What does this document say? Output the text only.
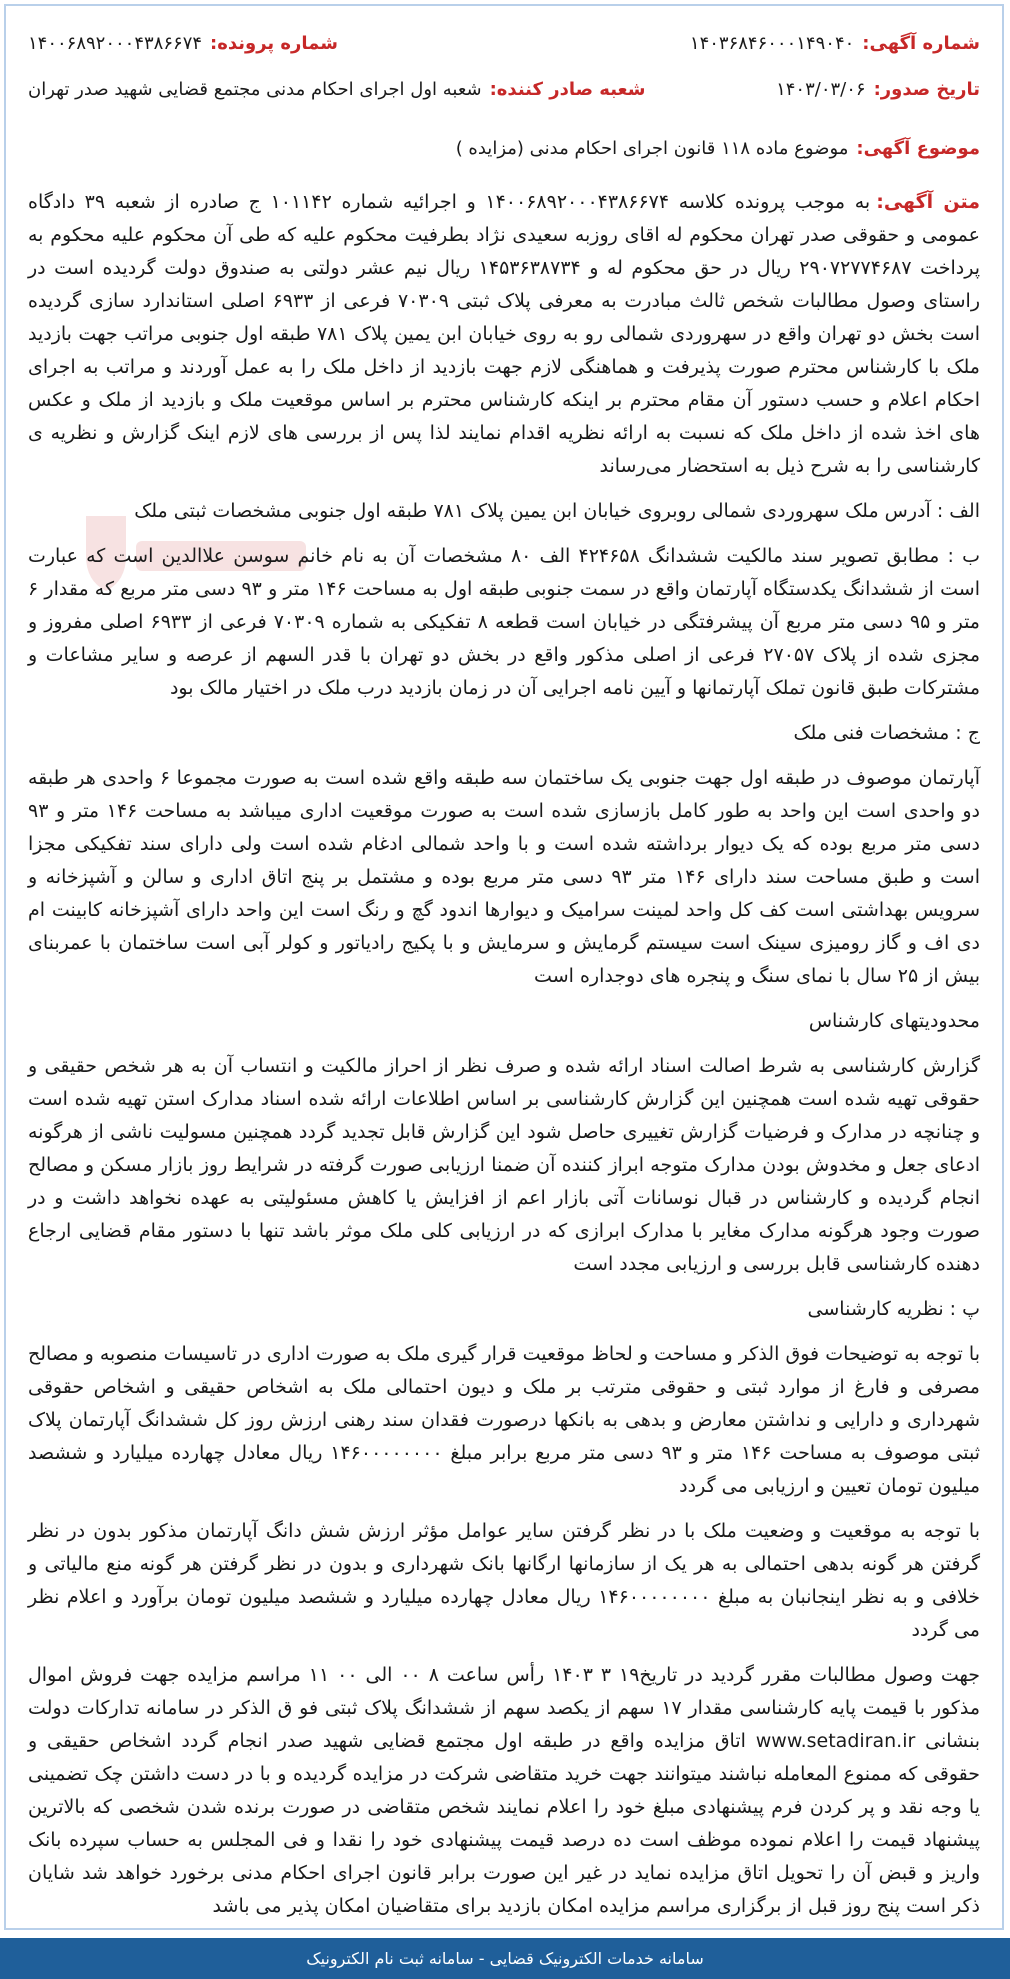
شماره آگهی:
۱۴۰۳۶۸۴۶۰۰۰۱۴۹۰۴۰
شماره پرونده:
۱۴۰۰۶۸۹۲۰۰۰۴۳۸۶۶۷۴
تاریخ صدور:
۱۴۰۳/۰۳/۰۶
شعبه صادر کننده:
شعبه اول اجرای احکام مدنی مجتمع قضایی شهید صدر تهران
موضوع آگهی:
موضوع ماده ۱۱۸ قانون اجرای احکام مدنی (مزایده )

متن آگهی:به موجب پرونده کلاسه ۱۴۰۰۶۸۹۲۰۰۰۴۳۸۶۶۷۴ و اجرائیه شماره ۱۰۱۱۴۲ ج صادره از شعبه ۳۹ دادگاه عمومی و حقوقی صدر تهران محکوم له اقای روزبه سعیدی نژاد بطرفیت محکوم علیه که طی آن محکوم علیه محکوم به پرداخت ۲۹۰۷۲۷۷۴۶۸۷ ریال در حق محکوم له و ۱۴۵۳۶۳۸۷۳۴ ریال نیم عشر دولتی به صندوق دولت گردیده است در راستای وصول مطالبات شخص ثالث مبادرت به معرفی پلاک ثبتی ۷۰۳۰۹ فرعی از ۶۹۳۳ اصلی استاندارد سازی گردیده است بخش دو تهران واقع در سهروردی شمالی رو به روی خیابان ابن یمین پلاک ۷۸۱ طبقه اول جنوبی مراتب جهت بازدید ملک با کارشناس محترم صورت پذیرفت و هماهنگی لازم جهت بازدید از داخل ملک را به عمل آوردند و مراتب به اجرای احکام اعلام و حسب دستور آن مقام محترم بر اینکه کارشناس محترم بر اساس موقعیت ملک و بازدید از ملک و عکس های اخذ شده از داخل ملک که نسبت به ارائه نظریه اقدام نمایند لذا پس از بررسی های لازم اینک گزارش و نظریه ی کارشناسی را به شرح ذیل به استحضار می‌رساند

الف : آدرس ملک سهروردی شمالی روبروی خیابان ابن یمین پلاک ۷۸۱ طبقه اول جنوبی مشخصات ثبتی ملک

ب : مطابق تصویر سند مالکیت ششدانگ ۴۲۴۶۵۸ الف ۸۰ مشخصات آن به نام خانم سوسن علاالدین است که عبارت است از ششدانگ یکدستگاه آپارتمان واقع در سمت جنوبی طبقه اول به مساحت ۱۴۶ متر و ۹۳ دسی متر مربع که مقدار ۶ متر و ۹۵ دسی متر مربع آن پیشرفتگی در خیابان است قطعه ۸ تفکیکی به شماره ۷۰۳۰۹ فرعی از ۶۹۳۳ اصلی مفروز و مجزی شده از پلاک ۲۷۰۵۷ فرعی از اصلی مذکور واقع در بخش دو تهران با قدر السهم از عرصه و سایر مشاعات و مشترکات طبق قانون تملک آپارتمانها و آیین نامه اجرایی آن در زمان بازدید درب ملک در اختیار مالک بود

ج : مشخصات فنی ملک

آپارتمان موصوف در طبقه اول جهت جنوبی یک ساختمان سه طبقه واقع شده است به صورت مجموعا ۶ واحدی هر طبقه دو واحدی است این واحد به طور کامل بازسازی شده است به صورت موقعیت اداری میباشد به مساحت ۱۴۶ متر و ۹۳ دسی متر مربع بوده که یک دیوار برداشته شده است و با واحد شمالی ادغام شده است ولی دارای سند تفکیکی مجزا است و طبق مساحت سند دارای ۱۴۶ متر ۹۳ دسی متر مربع بوده و مشتمل بر پنج اتاق اداری و سالن و آشپزخانه و سرویس بهداشتی است کف کل واحد لمینت سرامیک و دیوارها اندود گچ و رنگ است این واحد دارای آشپزخانه کابینت ام دی اف و گاز رومیزی سینک است سیستم گرمایش و سرمایش و با پکیج رادیاتور و کولر آبی است ساختمان با عمربنای بیش از ۲۵ سال با نمای سنگ و پنجره های دوجداره است

محدودیتهای کارشناس

گزارش کارشناسی به شرط اصالت اسناد ارائه شده و صرف نظر از احراز مالکیت و انتساب آن به هر شخص حقیقی و حقوقی تهیه شده است همچنین این گزارش کارشناسی بر اساس اطلاعات ارائه شده اسناد مدارک استن تهیه شده است و چنانچه در مدارک و فرضیات گزارش تغییری حاصل شود این گزارش قابل تجدید گردد همچنین مسولیت ناشی از هرگونه ادعای جعل و مخدوش بودن مدارک متوجه ابراز کننده آن ضمنا ارزیابی صورت گرفته در شرایط روز بازار مسکن و مصالح انجام گردیده و کارشناس در قبال نوسانات آتی بازار اعم از افزایش یا کاهش مسئولیتی به عهده نخواهد داشت و در صورت وجود هرگونه مدارک مغایر با مدارک ابرازی که در ارزیابی کلی ملک موثر باشد تنها با دستور مقام قضایی ارجاع دهنده کارشناسی قابل بررسی و ارزیابی مجدد است

پ : نظریه کارشناسی

با توجه به توضیحات فوق الذکر و مساحت و لحاظ موقعیت قرار گیری ملک به صورت اداری در تاسیسات منصوبه و مصالح مصرفی و فارغ از موارد ثبتی و حقوقی مترتب بر ملک و دیون احتمالی ملک به اشخاص حقیقی و اشخاص حقوقی شهرداری و دارایی و نداشتن معارض و بدهی به بانکها درصورت فقدان سند رهنی ارزش روز کل ششدانگ آپارتمان پلاک ثبتی موصوف به مساحت ۱۴۶ متر و ۹۳ دسی متر مربع برابر مبلغ ۱۴۶۰۰۰۰۰۰۰۰ ریال معادل چهارده میلیارد و ششصد میلیون تومان تعیین و ارزیابی می گردد

با توجه به موقعیت و وضعیت ملک با در نظر گرفتن سایر عوامل مؤثر ارزش شش دانگ آپارتمان مذکور بدون در نظر گرفتن هر گونه بدهی احتمالی به هر یک از سازمانها ارگانها بانک شهرداری و بدون در نظر گرفتن هر گونه منع مالیاتی و خلافی و به نظر اینجانبان به مبلغ ۱۴۶۰۰۰۰۰۰۰۰ ریال معادل چهارده میلیارد و ششصد میلیون تومان برآورد و اعلام نظر می گردد

جهت وصول مطالبات مقرر گردید در تاریخ۱۹ ۳ ۱۴۰۳ رأس ساعت ۸ ۰۰ الی ۰۰ ۱۱ مراسم مزایده جهت فروش اموال مذکور با قیمت پایه کارشناسی مقدار ۱۷ سهم از یکصد سهم از ششدانگ پلاک ثبتی فو ق الذکر در سامانه تدارکات دولت بنشانی www.setadiran.ir اتاق مزایده واقع در طبقه اول مجتمع قضایی شهید صدر انجام گردد اشخاص حقیقی و حقوقی که ممنوع المعامله نباشند میتوانند جهت خرید متقاضی شرکت در مزایده گردیده و با در دست داشتن چک تضمینی یا وجه نقد و پر کردن فرم پیشنهادی مبلغ خود را اعلام نمایند شخص متقاضی در صورت برنده شدن شخصی که بالاترین پیشنهاد قیمت را اعلام نموده موظف است ده درصد قیمت پیشنهادی خود را نقدا و فی المجلس به حساب سپرده بانک واریز و قبض آن را تحویل اتاق مزایده نماید در غیر این صورت برابر قانون اجرای احکام مدنی برخورد خواهد شد شایان ذکر است پنج روز قبل از برگزاری مراسم مزایده امکان بازدید برای متقاضیان امکان پذیر می باشد

سامانه خدمات الکترونیک قضایی - سامانه ثبت نام الکترونیک
